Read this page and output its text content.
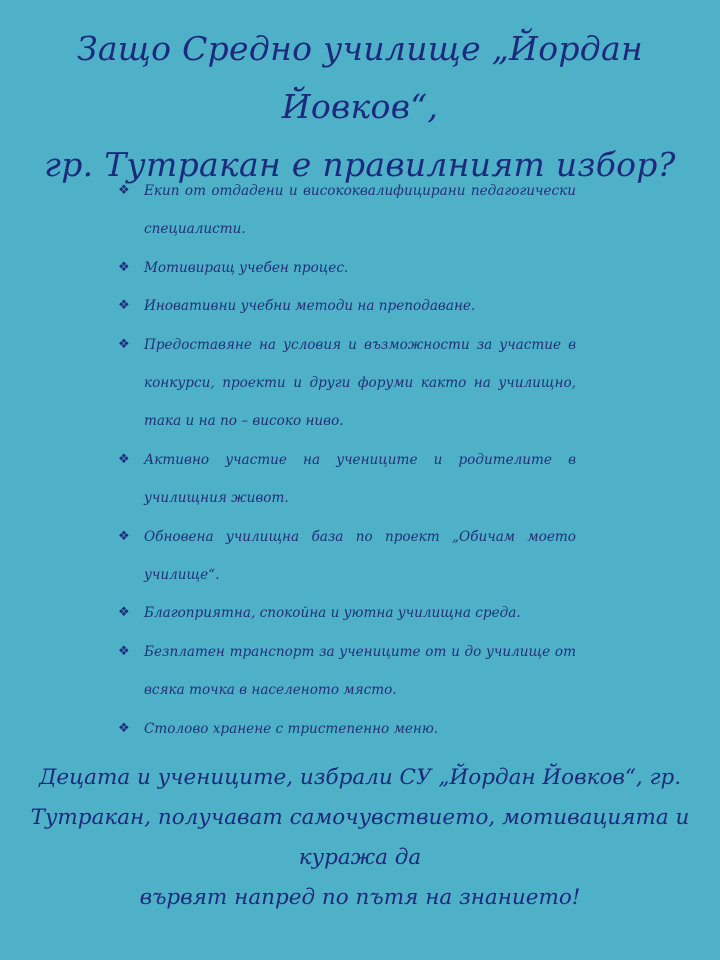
Защо Средно училище „Йордан Йовков“,
гр. Тутракан е правилният избор?
❖	Екип от отдадени и висококвалифицирани педагогически специалисти.
❖	Мотивиращ учебен процес.
❖	Иновативни учебни методи на преподаване.
❖	Предоставяне на условия и възможности за участие в конкурси, проекти и други форуми както на училищно, така и на по – високо ниво.
❖	Активно участие на учениците и родителите в училищния живот.
❖	Обновена училищна база по проект „Обичам моето училище“.
❖	Благоприятна, спокойна и уютна училищна среда.
❖	Безплатен транспорт за учениците от и до училище от всяка точка в населеното място.
❖	Столово хранене с тристепенно меню.

Децата и учениците, избрали СУ „Йордан Йовков“, гр.
Тутракан, получават самочувствието, мотивацията и куража да
вървят напред по пътя на знанието!
